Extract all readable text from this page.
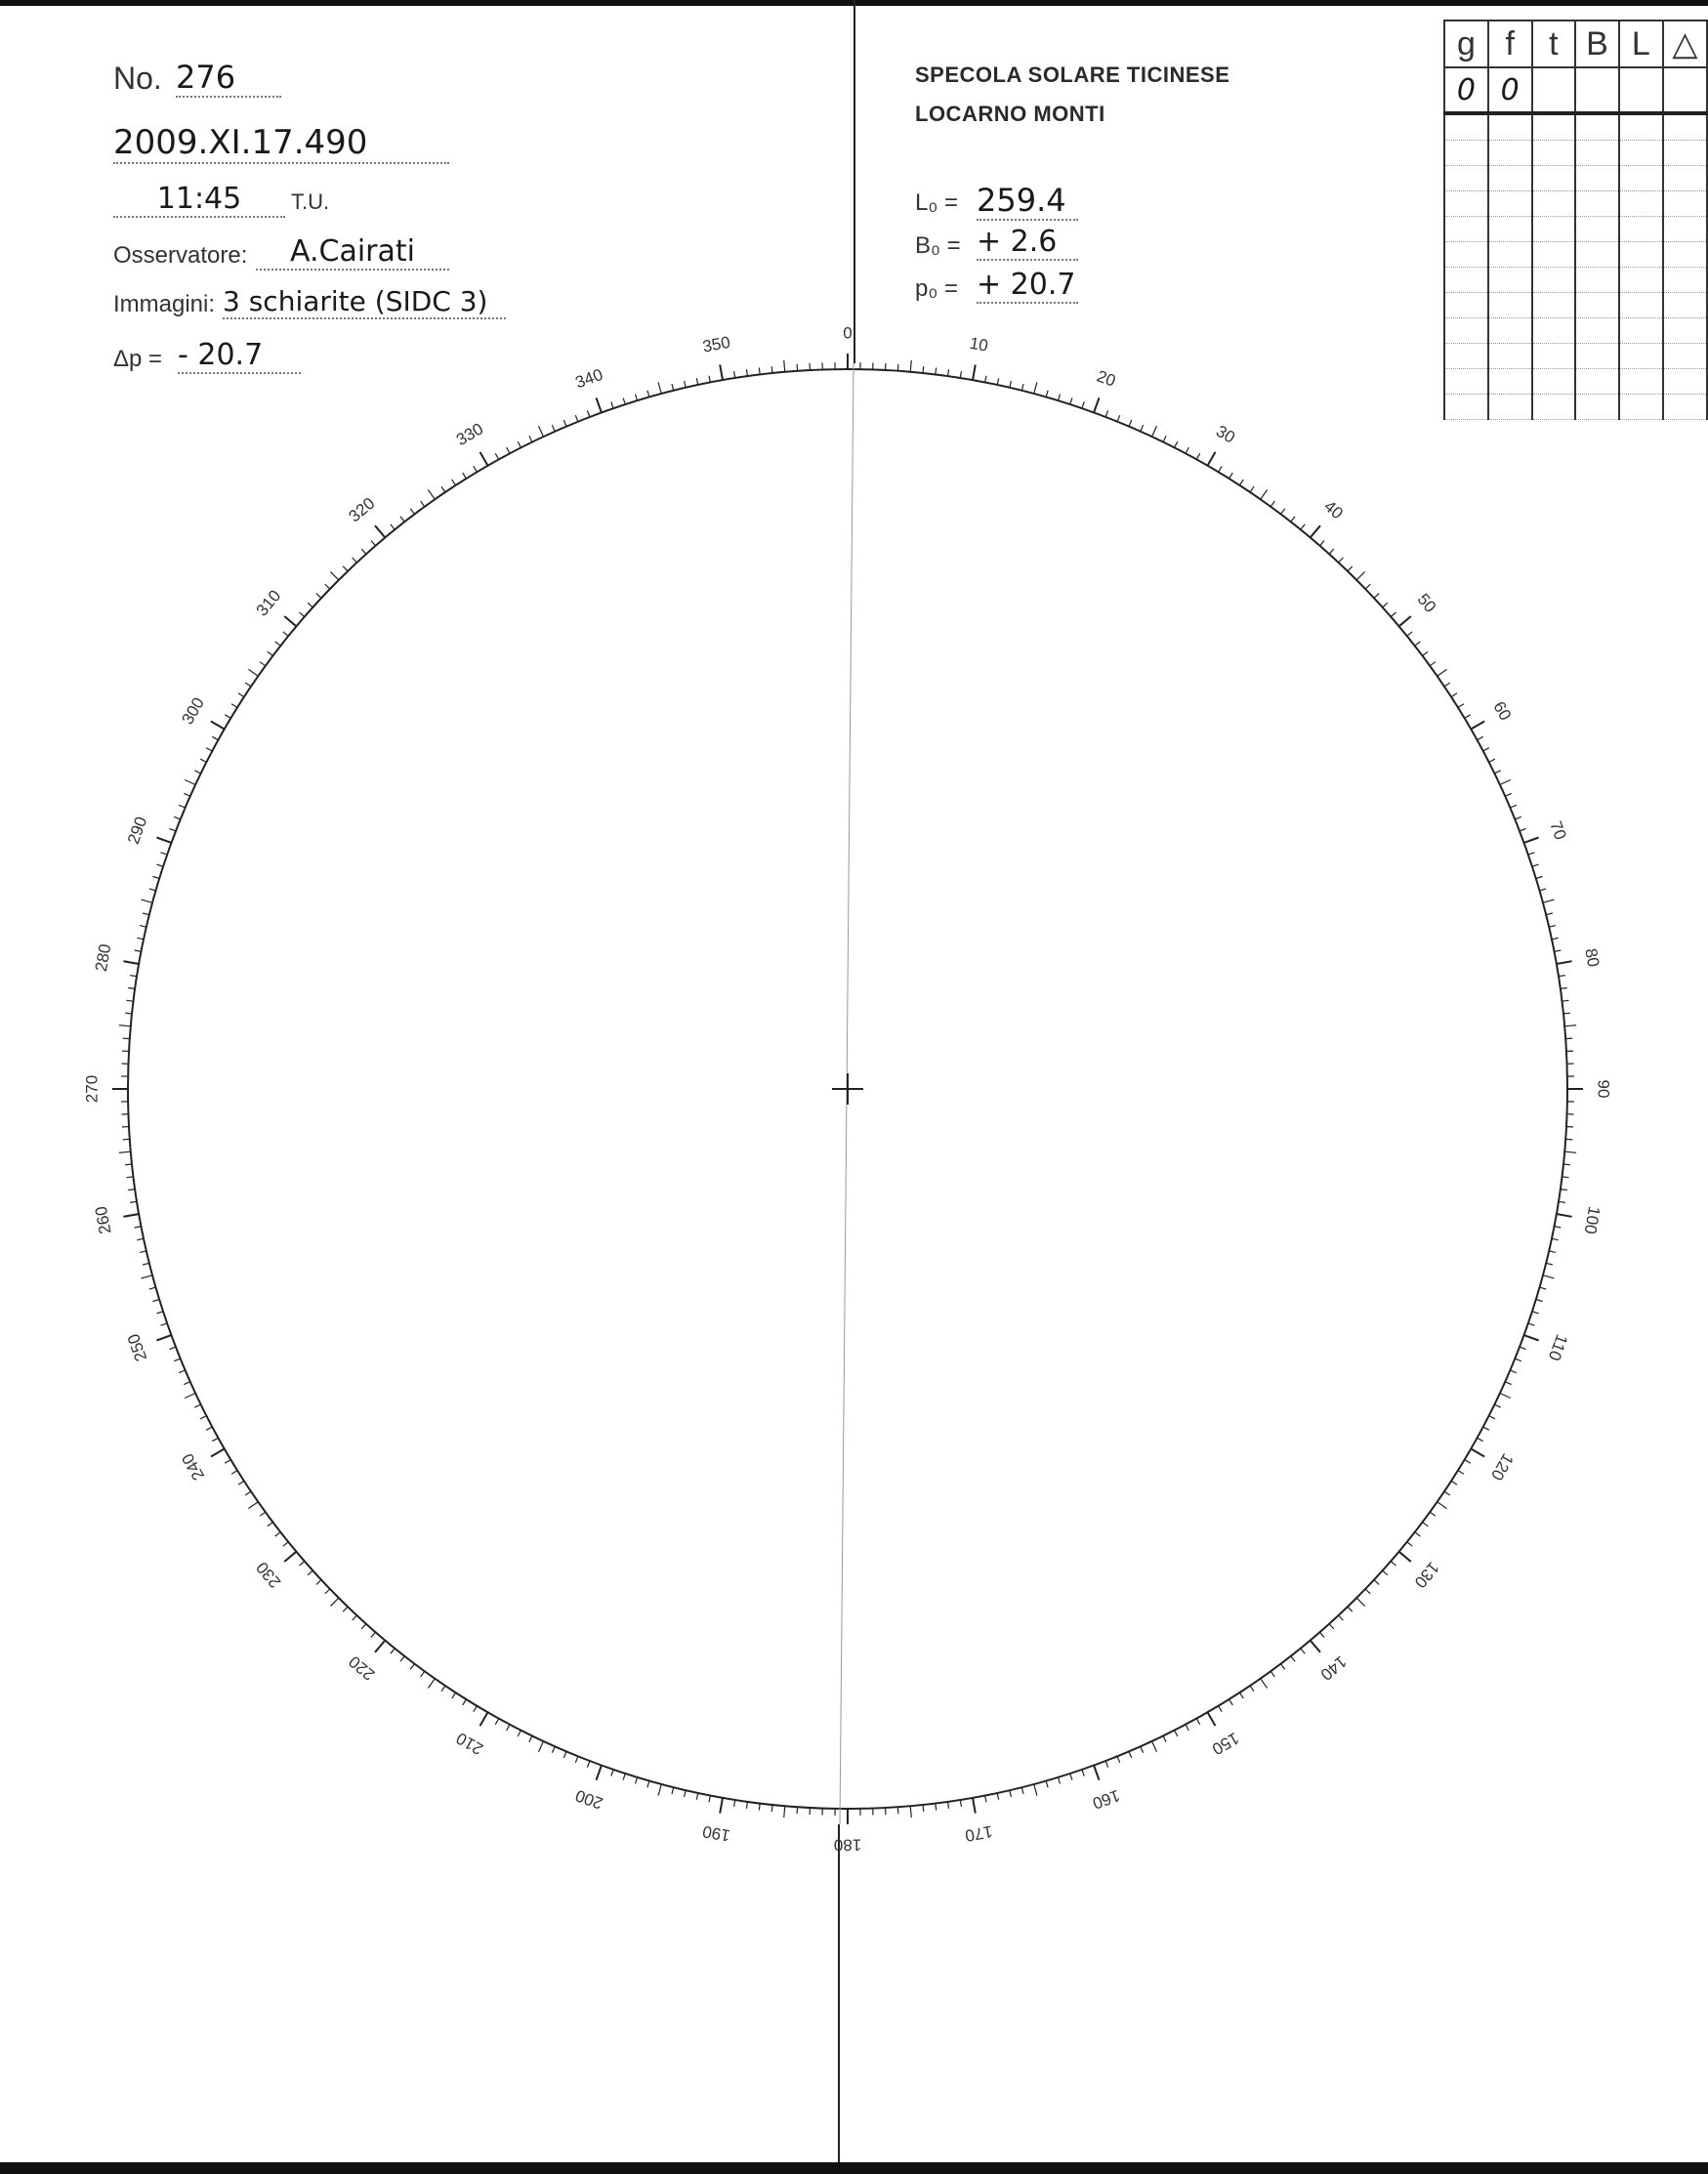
No. 276
2009.XI.17.490
11:45	T.U.
Osservatore:	A.Cairati
Immagini: 3 schiarite (SIDC 3)
Δp = - 20.7
SPECOLA SOLARE TICINESE
LOCARNO MONTI
L₀ = 259.4
B₀ = + 2.6
p₀ = + 20.7
g	f	t	B	L	△
0	0				

0
10
20
30
40
50
60
70
80
90
100
110
120
130
140
150
160
170
180
190
200
210
220
230
240
250
260
270
280
290
300
310
320
330
340
350
